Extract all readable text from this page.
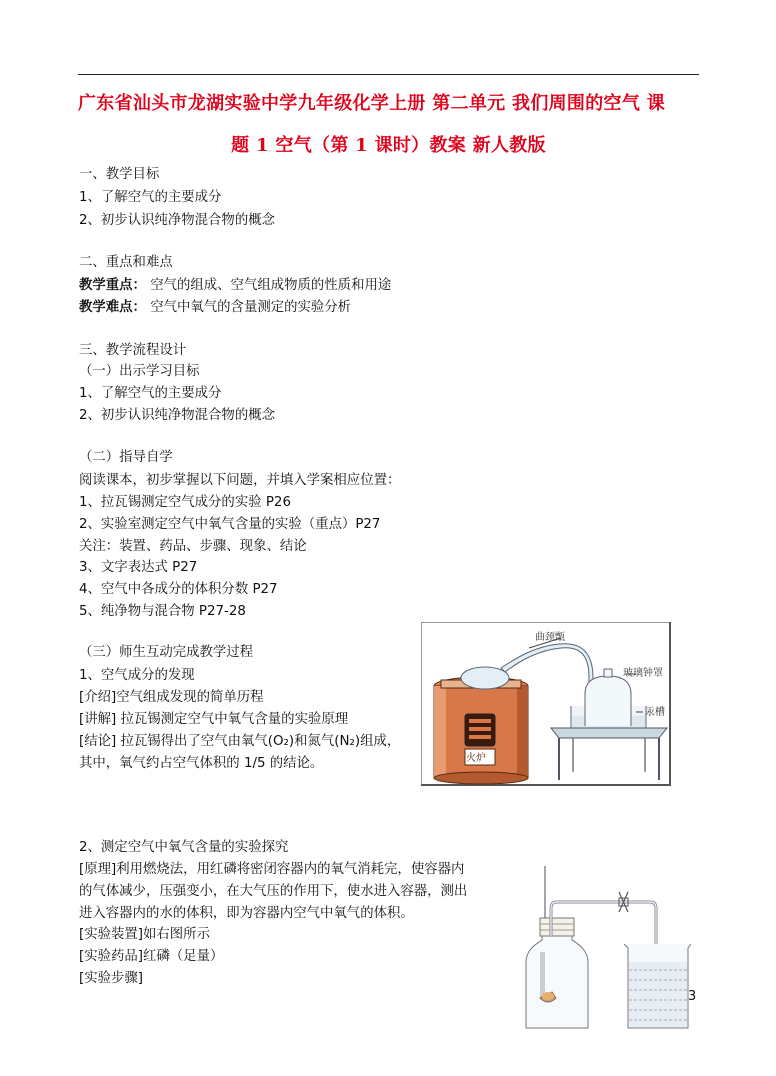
广东省汕头市龙湖实验中学九年级化学上册 第二单元 我们周围的空气 课
题 1 空气（第 1 课时）教案 新人教版
一、教学目标
1、了解空气的主要成分
2、初步认识纯净物混合物的概念
二、重点和难点
教学重点： 空气的组成、空气组成物质的性质和用途
教学难点： 空气中氧气的含量测定的实验分析
三、教学流程设计
（一）出示学习目标
1、了解空气的主要成分
2、初步认识纯净物混合物的概念
（二）指导自学
阅读课本，初步掌握以下问题，并填入学案相应位置：
1、拉瓦锡测定空气成分的实验 P26
2、实验室测定空气中氧气含量的实验（重点）P27
关注：装置、药品、步骤、现象、结论
3、文字表达式 P27
4、空气中各成分的体积分数 P27
5、纯净物与混合物 P27-28
（三）师生互动完成教学过程
1、空气成分的发现
[介绍]空气组成发现的简单历程
[讲解] 拉瓦锡测定空气中氧气含量的实验原理
[结论] 拉瓦锡得出了空气由氧气(O₂)和氮气(N₂)组成，
其中，氧气约占空气体积的 1/5 的结论。
2、测定空气中氧气含量的实验探究
[原理]利用燃烧法，用红磷将密闭容器内的氧气消耗完，使容器内
的气体减少，压强变小，在大气压的作用下，使水进入容器，测出
进入容器内的水的体积，即为容器内空气中氧气的体积。
[实验装置]如右图所示
[实验药品]红磷（足量）
[实验步骤]
火炉
曲颈甑
玻璃钟罩
汞槽
3
